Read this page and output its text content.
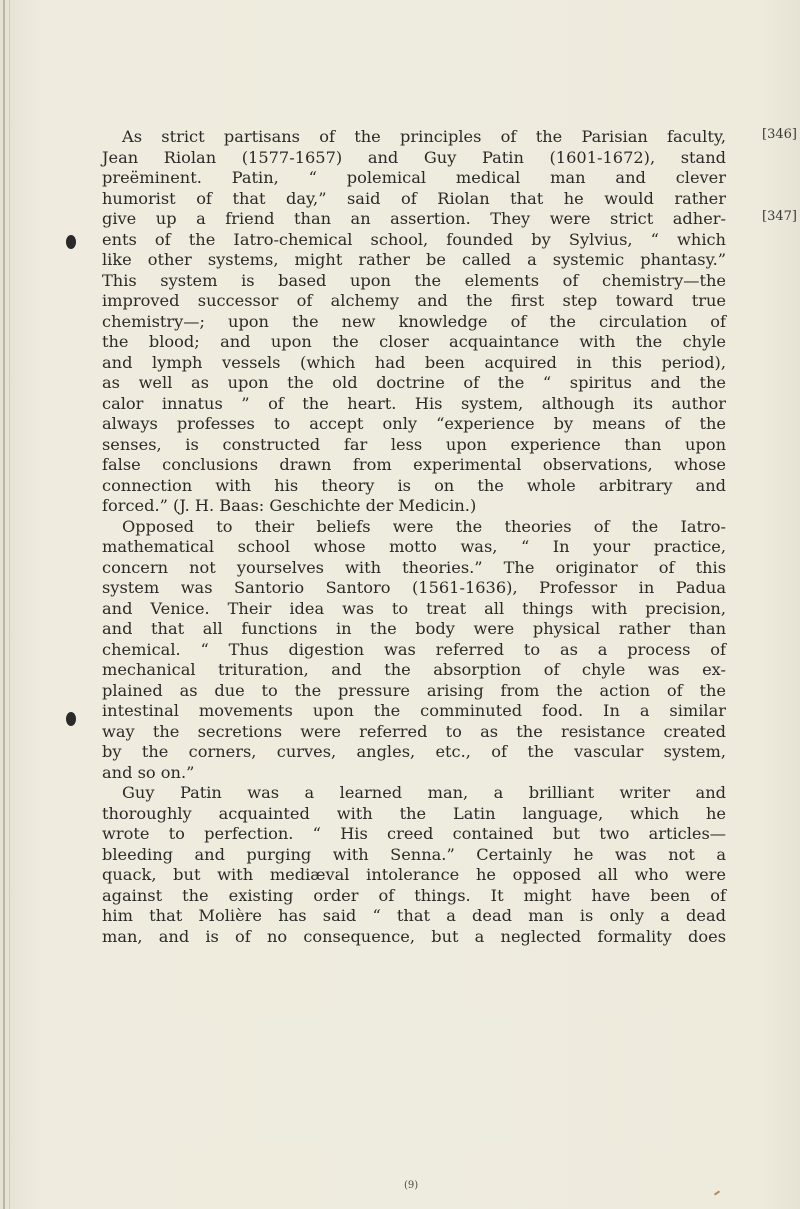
As strict partisans of the principles of the Parisian faculty,
Jean Riolan (1577-1657) and Guy Patin (1601-1672), stand
preëminent. Patin, “ polemical medical man and clever
humorist of that day,” said of Riolan that he would rather
give up a friend than an assertion. They were strict adher-
ents of the Iatro-chemical school, founded by Sylvius, “ which
like other systems, might rather be called a systemic phantasy.”
This system is based upon the elements of chemistry—the
improved successor of alchemy and the first step toward true
chemistry—; upon the new knowledge of the circulation of
the blood; and upon the closer acquaintance with the chyle
and lymph vessels (which had been acquired in this period),
as well as upon the old doctrine of the “ spiritus and the
calor innatus ” of the heart. His system, although its author
always professes to accept only “experience by means of the
senses, is constructed far less upon experience than upon
false conclusions drawn from experimental observations, whose
connection with his theory is on the whole arbitrary and
forced.” (J. H. Baas: Geschichte der Medicin.)
Opposed to their beliefs were the theories of the Iatro-
mathematical school whose motto was, “ In your practice,
concern not yourselves with theories.” The originator of this
system was Santorio Santoro (1561-1636), Professor in Padua
and Venice. Their idea was to treat all things with precision,
and that all functions in the body were physical rather than
chemical. “ Thus digestion was referred to as a process of
mechanical trituration, and the absorption of chyle was ex-
plained as due to the pressure arising from the action of the
intestinal movements upon the comminuted food. In a similar
way the secretions were referred to as the resistance created
by the corners, curves, angles, etc., of the vascular system,
and so on.”
Guy Patin was a learned man, a brilliant writer and
thoroughly acquainted with the Latin language, which he
wrote to perfection. “ His creed contained but two articles—
bleeding and purging with Senna.” Certainly he was not a
quack, but with mediæval intolerance he opposed all who were
against the existing order of things. It might have been of
him that Molière has said “ that a dead man is only a dead
man, and is of no consequence, but a neglected formality does
[346]
[347]
(9)
